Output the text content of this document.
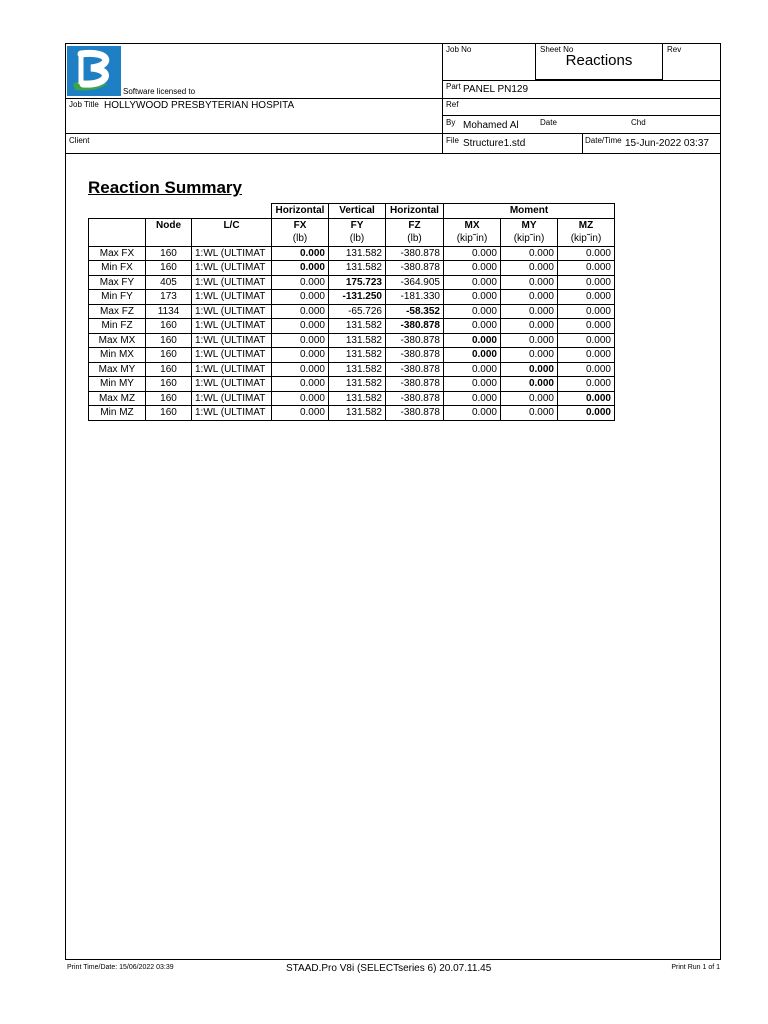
Software licensed to
Job No	Sheet No
Reactions
Rev
Part PANEL PN129
Job Title HOLLYWOOD PRESBYTERIAN HOSPITA	Ref
By Mohamed Al	Date	Chd
Client	File Structure1.std	Date/Time 15-Jun-2022 03:37
Reaction Summary
			Horizontal	Vertical	Horizontal	Moment		
	Node	L/C	FX	FY	FZ	MX	MY	MZ
			(lb)	(lb)	(lb)	(kip˜in)	(kip˜in)	(kip˜in)
Max FX	160	1:WL (ULTIMAT	0.000	131.582	-380.878	0.000	0.000	0.000
Min FX	160	1:WL (ULTIMAT	0.000	131.582	-380.878	0.000	0.000	0.000
Max FY	405	1:WL (ULTIMAT	0.000	175.723	-364.905	0.000	0.000	0.000
Min FY	173	1:WL (ULTIMAT	0.000	-131.250	-181.330	0.000	0.000	0.000
Max FZ	1134	1:WL (ULTIMAT	0.000	-65.726	-58.352	0.000	0.000	0.000
Min FZ	160	1:WL (ULTIMAT	0.000	131.582	-380.878	0.000	0.000	0.000
Max MX	160	1:WL (ULTIMAT	0.000	131.582	-380.878	0.000	0.000	0.000
Min MX	160	1:WL (ULTIMAT	0.000	131.582	-380.878	0.000	0.000	0.000
Max MY	160	1:WL (ULTIMAT	0.000	131.582	-380.878	0.000	0.000	0.000
Min MY	160	1:WL (ULTIMAT	0.000	131.582	-380.878	0.000	0.000	0.000
Max MZ	160	1:WL (ULTIMAT	0.000	131.582	-380.878	0.000	0.000	0.000
Min MZ	160	1:WL (ULTIMAT	0.000	131.582	-380.878	0.000	0.000	0.000
Print Time/Date: 15/06/2022 03:39	STAAD.Pro V8i (SELECTseries 6) 20.07.11.45	Print Run 1 of 1
